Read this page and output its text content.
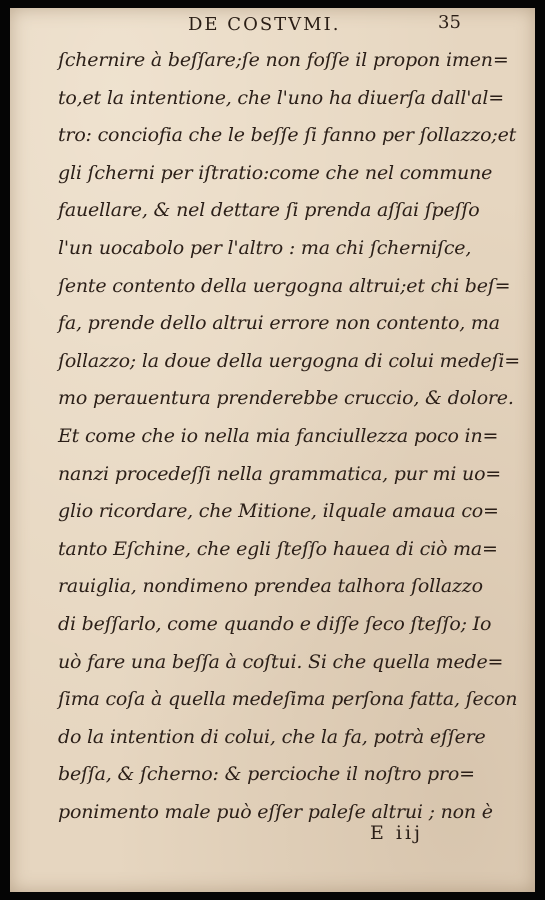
DE COSTVMI.	35
ſchernire à beſſare;ſe non foſſe il propon imen=
to,et la intentione, che l'uno ha diuerſa dall'al=
tro: conciofia che le beſſe ſi fanno per ſollazzo;et
gli ſcherni per iſtratio:come che nel commune
fauellare, & nel dettare ſi prenda aſſai ſpeſſo
l'un uocabolo per l'altro : ma chi ſcherniſce,
ſente contento della uergogna altrui;et chi beſ=
fa, prende dello altrui errore non contento, ma
ſollazzo; la doue della uergogna di colui medeſi=
mo perauentura prenderebbe cruccio, & dolore.
Et come che io nella mia fanciullezza poco in=
nanzi procedeſſi nella grammatica, pur mi uo=
glio ricordare, che Mitione, ilquale amaua co=
tanto Eſchine, che egli ſteſſo hauea di ciò ma=
rauiglia, nondimeno prendea talhora ſollazzo
di beſſarlo, come quando e diſſe ſeco ſteſſo; Io
uò fare una beſſa à coſtui. Si che quella mede=
ſima coſa à quella medeſima perſona fatta, ſecon
do la intention di colui, che la fa, potrà eſſere
beſſa, & ſcherno: & percioche il noſtro pro=
ponimento male può eſſer paleſe altrui ; non è
E iij
